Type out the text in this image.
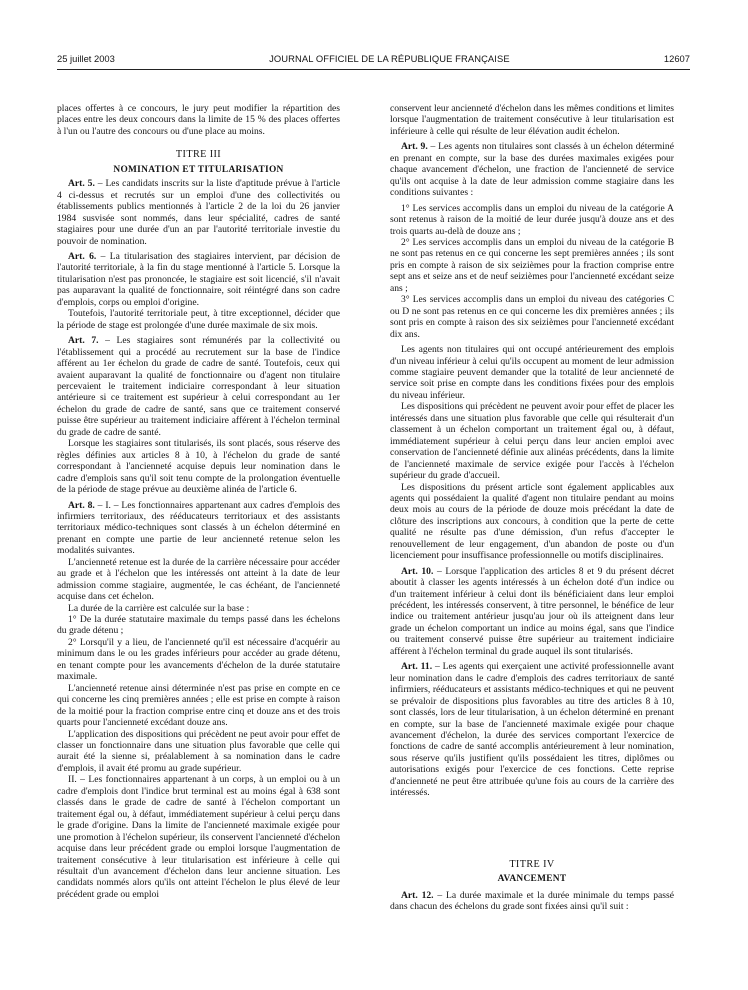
25 juillet 2003	JOURNAL OFFICIEL DE LA RÉPUBLIQUE FRANÇAISE	12607

places offertes à ce concours, le jury peut modifier la répartition des places entre les deux concours dans la limite de 15 % des places offertes à l'un ou l'autre des concours ou d'une place au moins.

TITRE III

NOMINATION ET TITULARISATION

Art. 5. – Les candidats inscrits sur la liste d'aptitude prévue à l'article 4 ci-dessus et recrutés sur un emploi d'une des collectivités ou établissements publics mentionnés à l'article 2 de la loi du 26 janvier 1984 susvisée sont nommés, dans leur spécialité, cadres de santé stagiaires pour une durée d'un an par l'autorité territoriale investie du pouvoir de nomination.

Art. 6. – La titularisation des stagiaires intervient, par décision de l'autorité territoriale, à la fin du stage mentionné à l'article 5. Lorsque la titularisation n'est pas prononcée, le stagiaire est soit licencié, s'il n'avait pas auparavant la qualité de fonctionnaire, soit réintégré dans son cadre d'emplois, corps ou emploi d'origine.

Toutefois, l'autorité territoriale peut, à titre exceptionnel, décider que la période de stage est prolongée d'une durée maximale de six mois.

Art. 7. – Les stagiaires sont rémunérés par la collectivité ou l'établissement qui a procédé au recrutement sur la base de l'indice afférent au 1er échelon du grade de cadre de santé. Toutefois, ceux qui avaient auparavant la qualité de fonctionnaire ou d'agent non titulaire percevaient le traitement indiciaire correspondant à leur situation antérieure si ce traitement est supérieur à celui correspondant au 1er échelon du grade de cadre de santé, sans que ce traitement conservé puisse être supérieur au traitement indiciaire afférent à l'échelon terminal du grade de cadre de santé.

Lorsque les stagiaires sont titularisés, ils sont placés, sous réserve des règles définies aux articles 8 à 10, à l'échelon du grade de santé correspondant à l'ancienneté acquise depuis leur nomination dans le cadre d'emplois sans qu'il soit tenu compte de la prolongation éventuelle de la période de stage prévue au deuxième alinéa de l'article 6.

Art. 8. – I. – Les fonctionnaires appartenant aux cadres d'emplois des infirmiers territoriaux, des rééducateurs territoriaux et des assistants territoriaux médico-techniques sont classés à un échelon déterminé en prenant en compte une partie de leur ancienneté retenue selon les modalités suivantes.

L'ancienneté retenue est la durée de la carrière nécessaire pour accéder au grade et à l'échelon que les intéressés ont atteint à la date de leur admission comme stagiaire, augmentée, le cas échéant, de l'ancienneté acquise dans cet échelon.

La durée de la carrière est calculée sur la base :

1° De la durée statutaire maximale du temps passé dans les échelons du grade détenu ;

2° Lorsqu'il y a lieu, de l'ancienneté qu'il est nécessaire d'acquérir au minimum dans le ou les grades inférieurs pour accéder au grade détenu, en tenant compte pour les avancements d'échelon de la durée statutaire maximale.

L'ancienneté retenue ainsi déterminée n'est pas prise en compte en ce qui concerne les cinq premières années ; elle est prise en compte à raison de la moitié pour la fraction comprise entre cinq et douze ans et des trois quarts pour l'ancienneté excédant douze ans.

L'application des dispositions qui précèdent ne peut avoir pour effet de classer un fonctionnaire dans une situation plus favorable que celle qui aurait été la sienne si, préalablement à sa nomination dans le cadre d'emplois, il avait été promu au grade supérieur.

II. – Les fonctionnaires appartenant à un corps, à un emploi ou à un cadre d'emplois dont l'indice brut terminal est au moins égal à 638 sont classés dans le grade de cadre de santé à l'échelon comportant un traitement égal ou, à défaut, immédiatement supérieur à celui perçu dans le grade d'origine. Dans la limite de l'ancienneté maximale exigée pour une promotion à l'échelon supérieur, ils conservent l'ancienneté d'échelon acquise dans leur précédent grade ou emploi lorsque l'augmentation de traitement consécutive à leur titularisation est inférieure à celle qui résultait d'un avancement d'échelon dans leur ancienne situation. Les candidats nommés alors qu'ils ont atteint l'échelon le plus élevé de leur précédent grade ou emploi

conservent leur ancienneté d'échelon dans les mêmes conditions et limites lorsque l'augmentation de traitement consécutive à leur titularisation est inférieure à celle qui résulte de leur élévation audit échelon.

Art. 9. – Les agents non titulaires sont classés à un échelon déterminé en prenant en compte, sur la base des durées maximales exigées pour chaque avancement d'échelon, une fraction de l'ancienneté de service qu'ils ont acquise à la date de leur admission comme stagiaire dans les conditions suivantes :

1° Les services accomplis dans un emploi du niveau de la catégorie A sont retenus à raison de la moitié de leur durée jusqu'à douze ans et des trois quarts au-delà de douze ans ;

2° Les services accomplis dans un emploi du niveau de la catégorie B ne sont pas retenus en ce qui concerne les sept premières années ; ils sont pris en compte à raison de six seizièmes pour la fraction comprise entre sept ans et seize ans et de neuf seizièmes pour l'ancienneté excédant seize ans ;

3° Les services accomplis dans un emploi du niveau des catégories C ou D ne sont pas retenus en ce qui concerne les dix premières années ; ils sont pris en compte à raison des six seizièmes pour l'ancienneté excédant dix ans.

Les agents non titulaires qui ont occupé antérieurement des emplois d'un niveau inférieur à celui qu'ils occupent au moment de leur admission comme stagiaire peuvent demander que la totalité de leur ancienneté de service soit prise en compte dans les conditions fixées pour des emplois du niveau inférieur.

Les dispositions qui précèdent ne peuvent avoir pour effet de placer les intéressés dans une situation plus favorable que celle qui résulterait d'un classement à un échelon comportant un traitement égal ou, à défaut, immédiatement supérieur à celui perçu dans leur ancien emploi avec conservation de l'ancienneté définie aux alinéas précédents, dans la limite de l'ancienneté maximale de service exigée pour l'accès à l'échelon supérieur du grade d'accueil.

Les dispositions du présent article sont également applicables aux agents qui possédaient la qualité d'agent non titulaire pendant au moins deux mois au cours de la période de douze mois précédant la date de clôture des inscriptions aux concours, à condition que la perte de cette qualité ne résulte pas d'une démission, d'un refus d'accepter le renouvellement de leur engagement, d'un abandon de poste ou d'un licenciement pour insuffisance professionnelle ou motifs disciplinaires.

Art. 10. – Lorsque l'application des articles 8 et 9 du présent décret aboutit à classer les agents intéressés à un échelon doté d'un indice ou d'un traitement inférieur à celui dont ils bénéficiaient dans leur emploi précédent, les intéressés conservent, à titre personnel, le bénéfice de leur indice ou traitement antérieur jusqu'au jour où ils atteignent dans leur grade un échelon comportant un indice au moins égal, sans que l'indice ou traitement conservé puisse être supérieur au traitement indiciaire afférent à l'échelon terminal du grade auquel ils sont titularisés.

Art. 11. – Les agents qui exerçaient une activité professionnelle avant leur nomination dans le cadre d'emplois des cadres territoriaux de santé infirmiers, rééducateurs et assistants médico-techniques et qui ne peuvent se prévaloir de dispositions plus favorables au titre des articles 8 à 10, sont classés, lors de leur titularisation, à un échelon déterminé en prenant en compte, sur la base de l'ancienneté maximale exigée pour chaque avancement d'échelon, la durée des services comportant l'exercice de fonctions de cadre de santé accomplis antérieurement à leur nomination, sous réserve qu'ils justifient qu'ils possédaient les titres, diplômes ou autorisations exigés pour l'exercice de ces fonctions. Cette reprise d'ancienneté ne peut être attribuée qu'une fois au cours de la carrière des intéressés.

TITRE IV

AVANCEMENT

Art. 12. – La durée maximale et la durée minimale du temps passé dans chacun des échelons du grade sont fixées ainsi qu'il suit :
